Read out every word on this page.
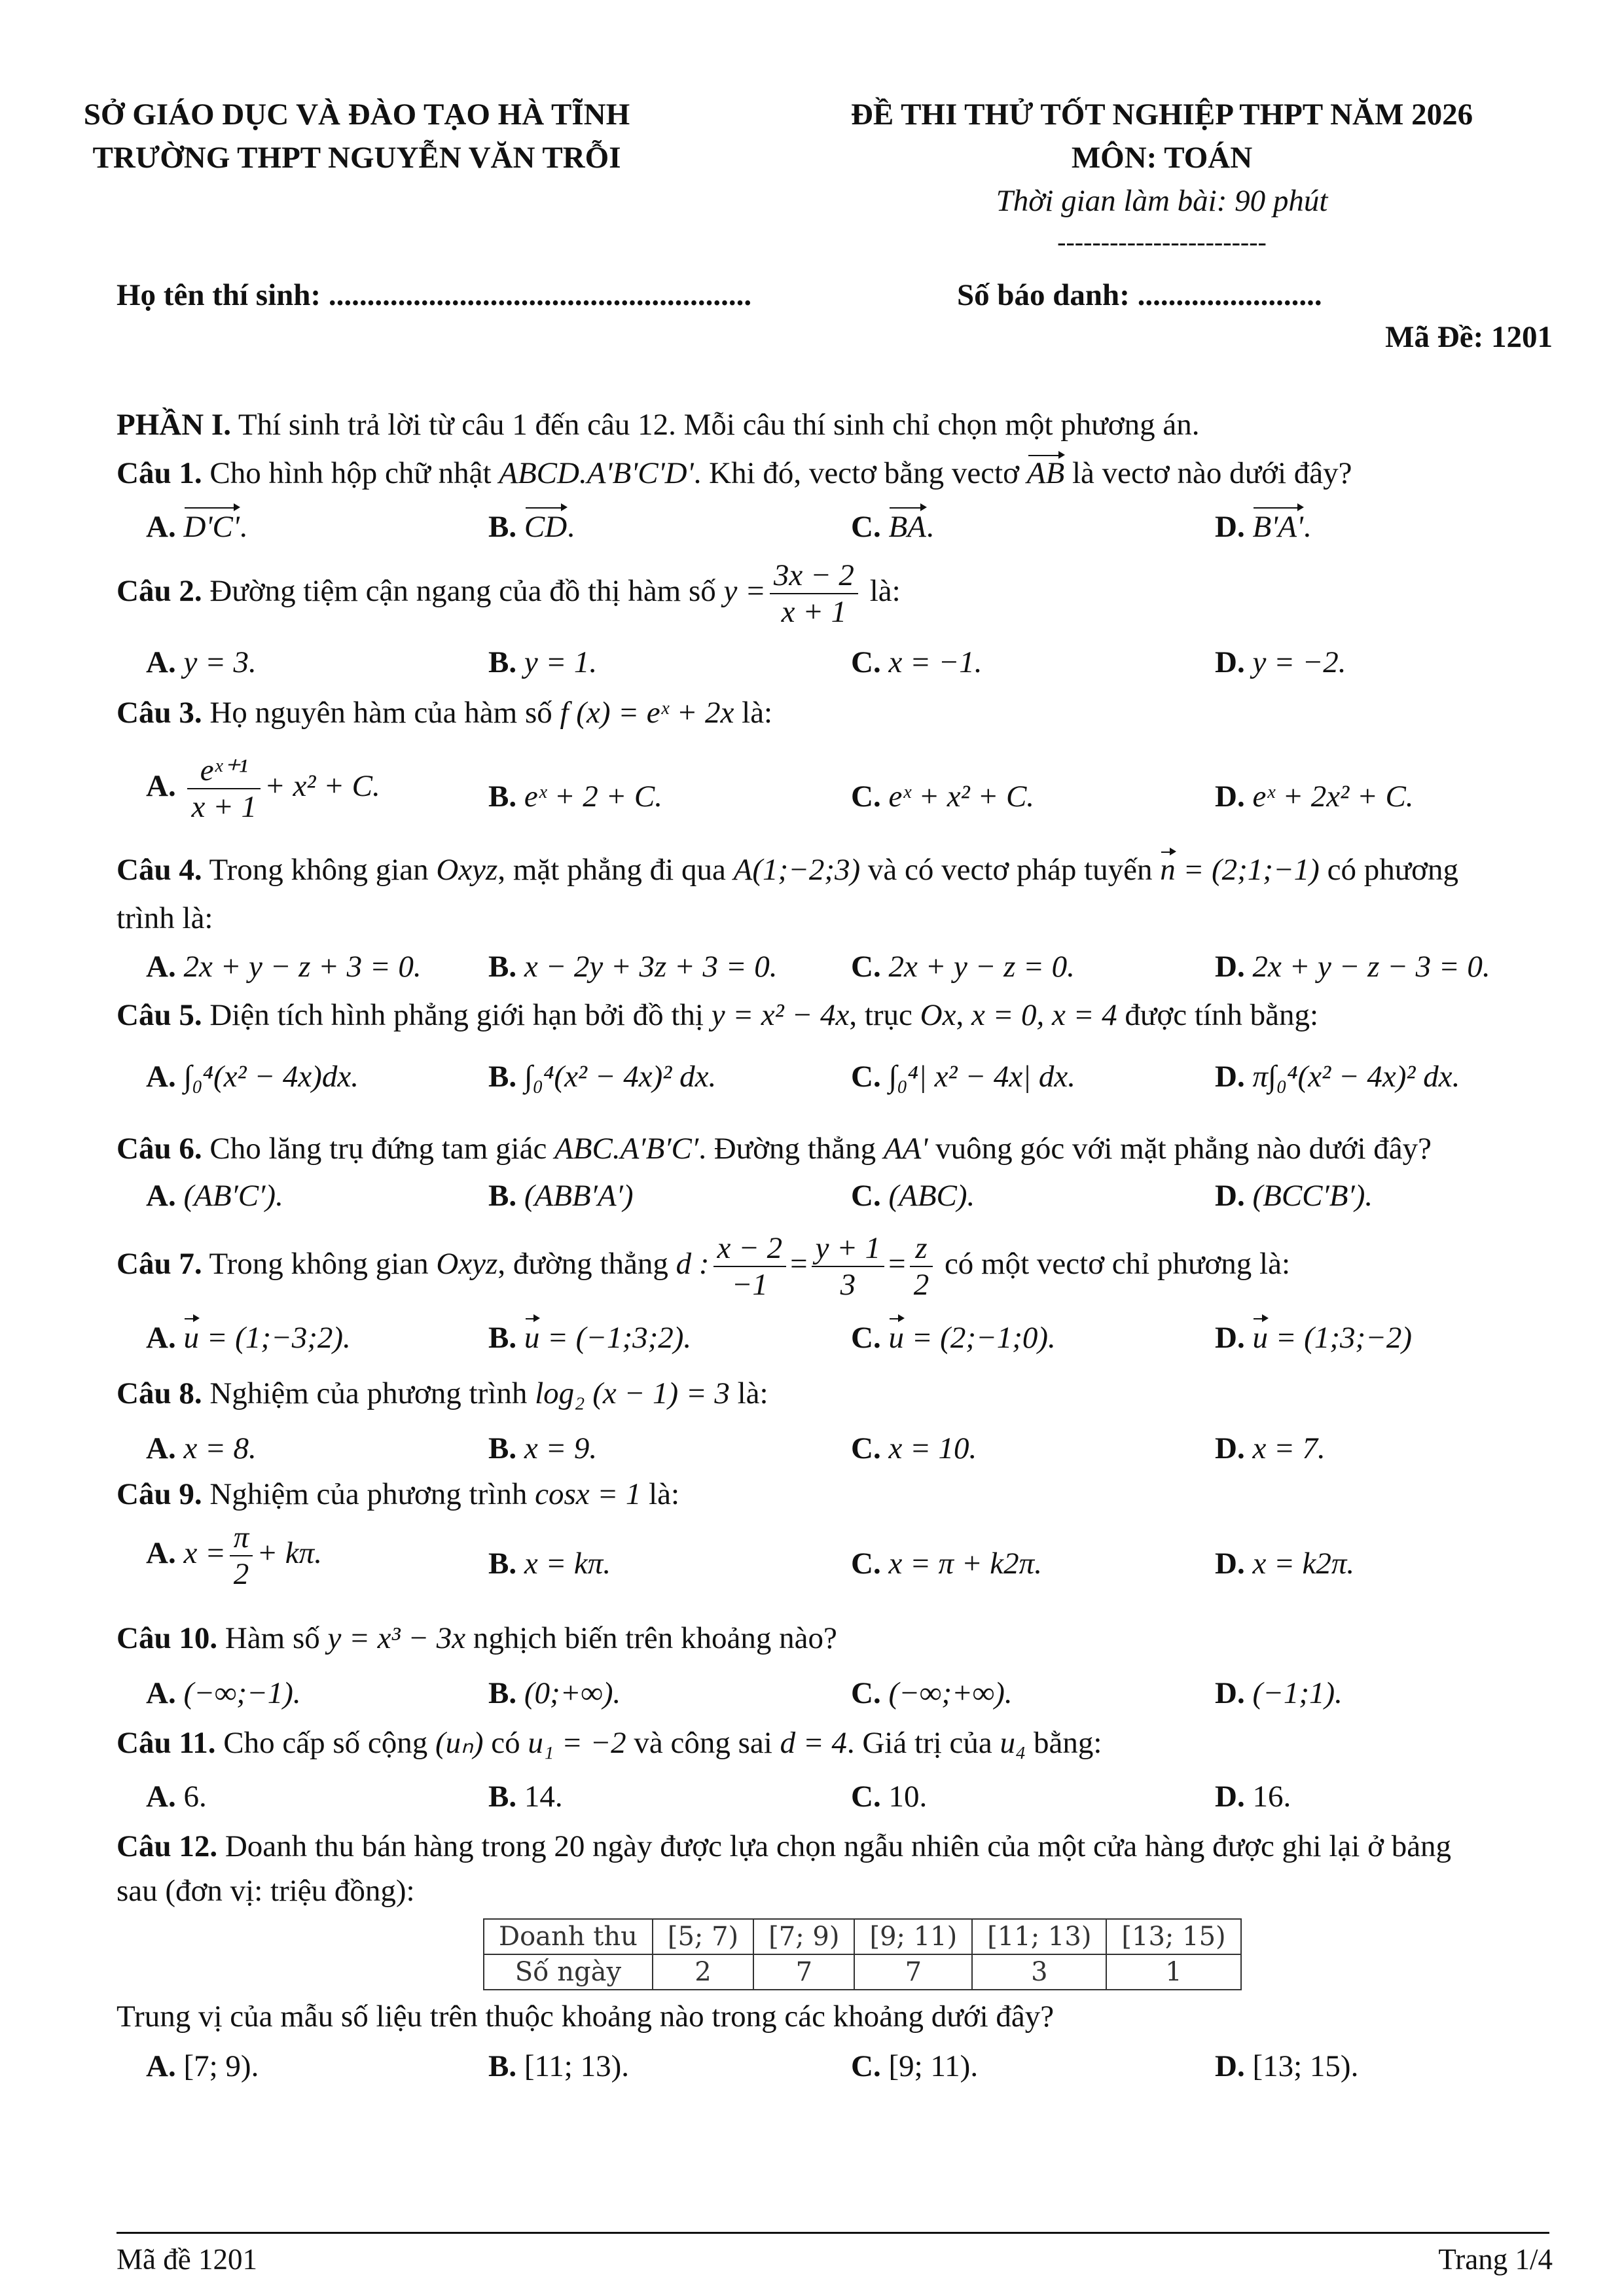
SỞ GIÁO DỤC VÀ ĐÀO TẠO HÀ TĨNH
TRƯỜNG THPT NGUYỄN VĂN TRỖI
ĐỀ THI THỬ TỐT NGHIỆP THPT NĂM 2026
MÔN: TOÁN
Thời gian làm bài: 90 phút
------------------------
Họ tên thí sinh: .......................................................	Số báo danh: ........................
Mã Đề: 1201
PHẦN I. Thí sinh trả lời từ câu 1 đến câu 12. Mỗi câu thí sinh chỉ chọn một phương án.
Câu 1. Cho hình hộp chữ nhật ABCD.A'B'C'D'. Khi đó, vectơ bằng vectơ AB là vectơ nào dưới đây?
A. D'C'.	B. CD.	C. BA.	D. B'A'.
Câu 2. Đường tiệm cận ngang của đồ thị hàm số $y = \frac{3x - 2}{x + 1}$ là:
A. y = 3.	B. y = 1.	C. x = −1.	D. y = −2.
Câu 3. Họ nguyên hàm của hàm số f (x) = eˣ + 2x là:
A. $\frac{\text{eˣ⁺¹}}{x + 1} + x^2 + C$.	B. eˣ + 2 + C.	C. eˣ + x² + C.	D. eˣ + 2x² + C.
Câu 4. Trong không gian Oxyz, mặt phẳng đi qua A(1;−2;3) và có vectơ pháp tuyến n = (2;1;−1) có phương
trình là:
A. 2x + y − z + 3 = 0. B. x − 2y + 3z + 3 = 0. C. 2x + y − z = 0.	D. 2x + y − z − 3 = 0.
Câu 5. Diện tích hình phẳng giới hạn bởi đồ thị y = x² − 4x, trục Ox, x = 0, x = 4 được tính bằng:
A. ∫₀⁴(x² − 4x)dx.	B. ∫₀⁴(x² − 4x)² dx.	C. ∫₀⁴| x² − 4x| dx.	D. π∫₀⁴(x² − 4x)² dx.
Câu 6. Cho lăng trụ đứng tam giác ABC.A′B′C′. Đường thẳng AA' vuông góc với mặt phẳng nào dưới đây?
A. (AB′C′).	B. (ABB′A′)	C. (ABC).	D. (BCC′B′).
Câu 7. Trong không gian Oxyz, đường thẳng d : $\frac{x - 2}{-1} = \frac{y + 1}{3} = \frac{z}{2}$ có một vectơ chỉ phương là:
A. u = (1;−3;2).	B. u = (−1;3;2).	C. u = (2;−1;0).	D. u = (1;3;−2)
Câu 8. Nghiệm của phương trình log₂ (x − 1) = 3 là:
A. x = 8.	B. x = 9.	C. x = 10.	D. x = 7.
Câu 9. Nghiệm của phương trình cosx = 1 là:
A. $x = \frac{\pi}{2} + k\pi$.	B. x = kπ.	C. x = π + k2π.	D. x = k2π.
Câu 10. Hàm số y = x³ − 3x nghịch biến trên khoảng nào?
A. (−∞;−1).	B. (0;+∞).	C. (−∞;+∞).	D. (−1;1).
Câu 11. Cho cấp số cộng (uₙ) có u₁ = −2 và công sai d = 4. Giá trị của u₄ bằng:
A. 6.	B. 14.	C. 10.	D. 16.
Câu 12. Doanh thu bán hàng trong 20 ngày được lựa chọn ngẫu nhiên của một cửa hàng được ghi lại ở bảng
sau (đơn vị: triệu đồng):
Doanh thu	[5; 7)	[7; 9)	[9; 11)	[11; 13)	[13; 15)
Số ngày	2	7	7	3	1
Trung vị của mẫu số liệu trên thuộc khoảng nào trong các khoảng dưới đây?
A. [7; 9).	B. [11; 13).	C. [9; 11).	D. [13; 15).
Mã đề 1201	Trang 1/4
